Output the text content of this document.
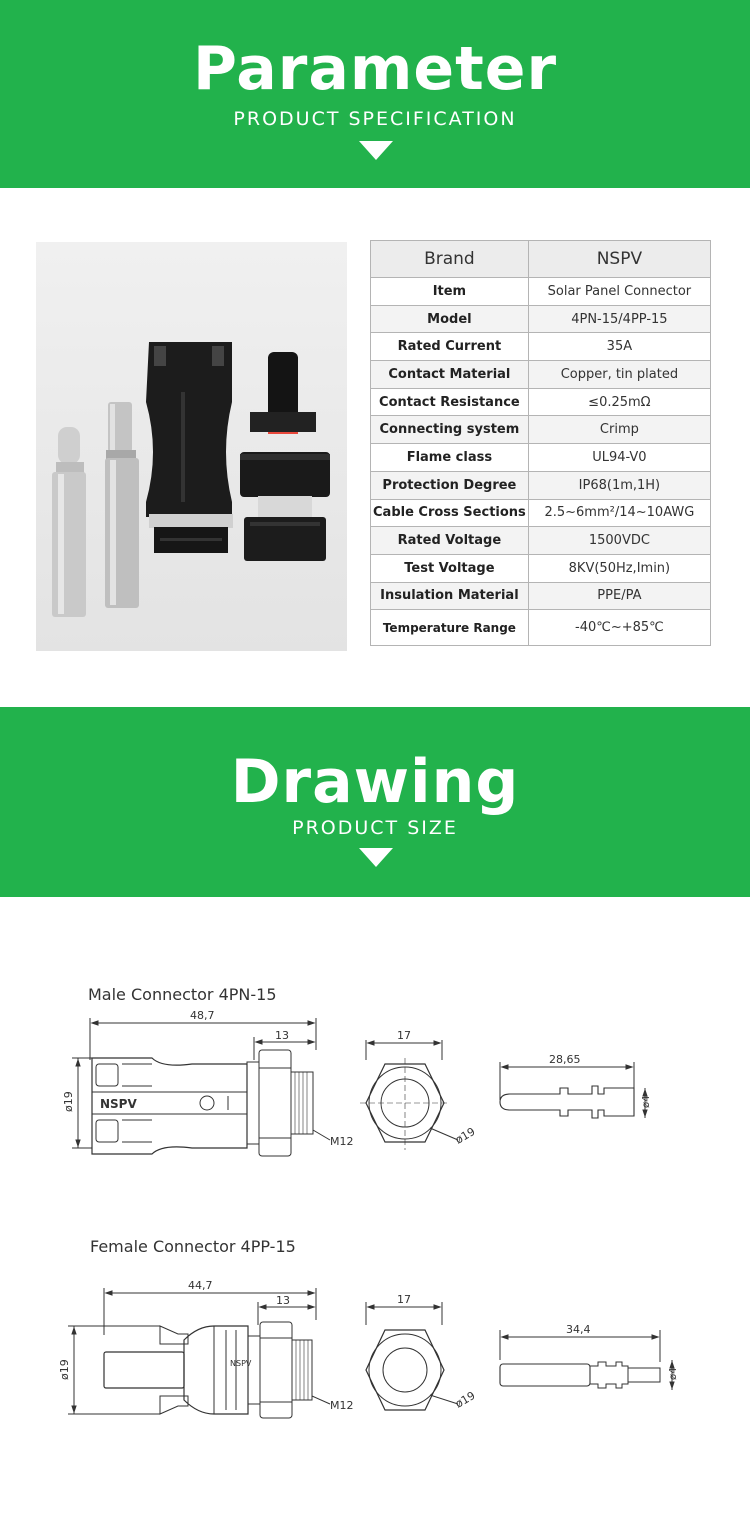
Parameter
PRODUCT SPECIFICATION
Brand	NSPV
Item	Solar Panel Connector
Model	4PN-15/4PP-15
Rated Current	35A
Contact Material	Copper, tin plated
Contact Resistance	≤0.25mΩ
Connecting system	Crimp
Flame class	UL94-V0
Protection Degree	IP68(1m,1H)
Cable Cross Sections	2.5~6mm²/14~10AWG
Rated Voltage	1500VDC
Test Voltage	8KV(50Hz,Imin)
Insulation Material	PPE/PA
Temperature Range	-40℃~+85℃
Drawing
PRODUCT SIZE
Male Connector 4PN-15
Female Connector 4PP-15
48,7
13
ø19 NSPV
M12
17
ø19
28,65
ø4
44,7
13
ø19	NSPV
M12
17
ø19
34,4
ø4
